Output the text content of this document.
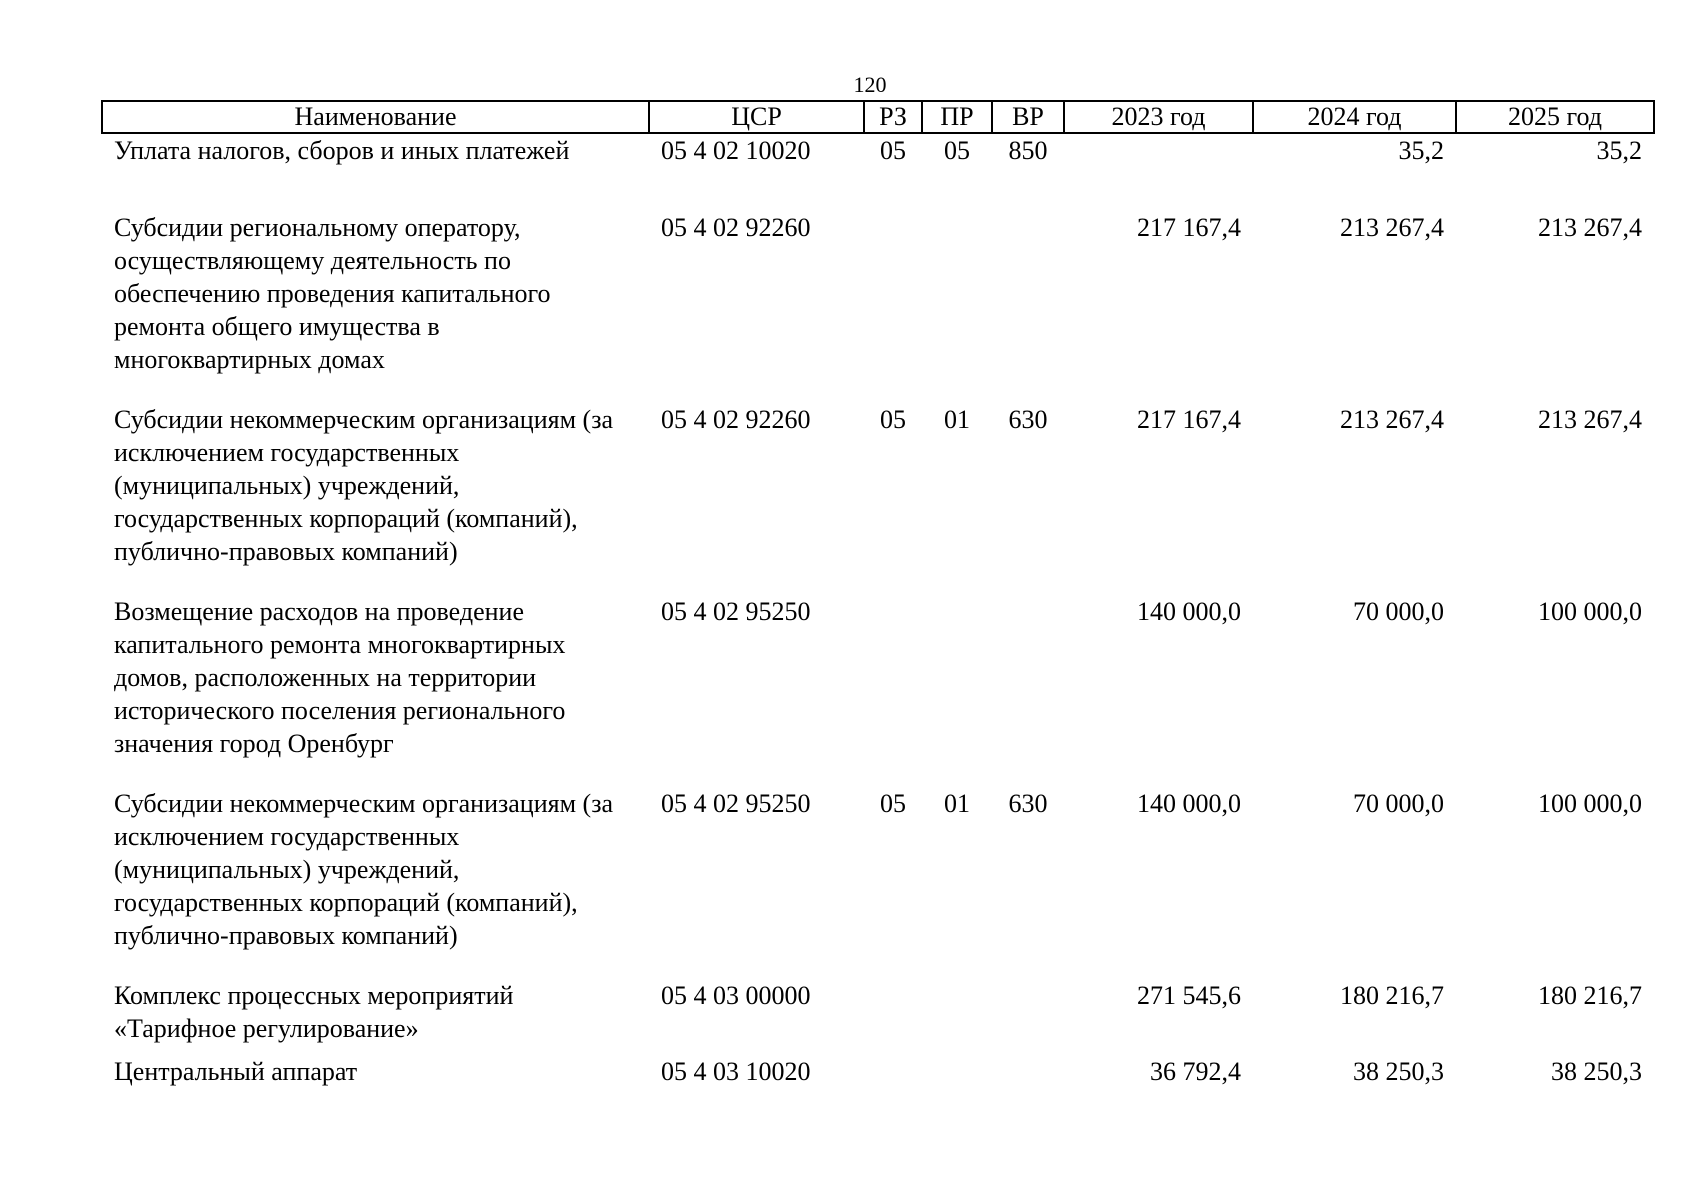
120
Наименование	ЦСР	РЗ	ПР	ВР	2023 год	2024 год	2025 год
Уплата налогов, сборов и иных платежей	05 4 02 10020	05	05	850		35,2	35,2
Субсидии региональному оператору, осуществляющему деятельность по обеспечению проведения капитального ремонта общего имущества в многоквартирных домах	05 4 02 92260				217 167,4	213 267,4	213 267,4
Субсидии некоммерческим организациям (за исключением государственных (муниципальных) учреждений, государственных корпораций (компаний), публично-правовых компаний)	05 4 02 92260	05	01	630	217 167,4	213 267,4	213 267,4
Возмещение расходов на проведение капитального ремонта многоквартирных домов, расположенных на территории исторического поселения регионального значения город Оренбург	05 4 02 95250				140 000,0	70 000,0	100 000,0
Субсидии некоммерческим организациям (за исключением государственных (муниципальных) учреждений, государственных корпораций (компаний), публично-правовых компаний)	05 4 02 95250	05	01	630	140 000,0	70 000,0	100 000,0
Комплекс процессных мероприятий «Тарифное регулирование»	05 4 03 00000				271 545,6	180 216,7	180 216,7
Центральный аппарат	05 4 03 10020				36 792,4	38 250,3	38 250,3
